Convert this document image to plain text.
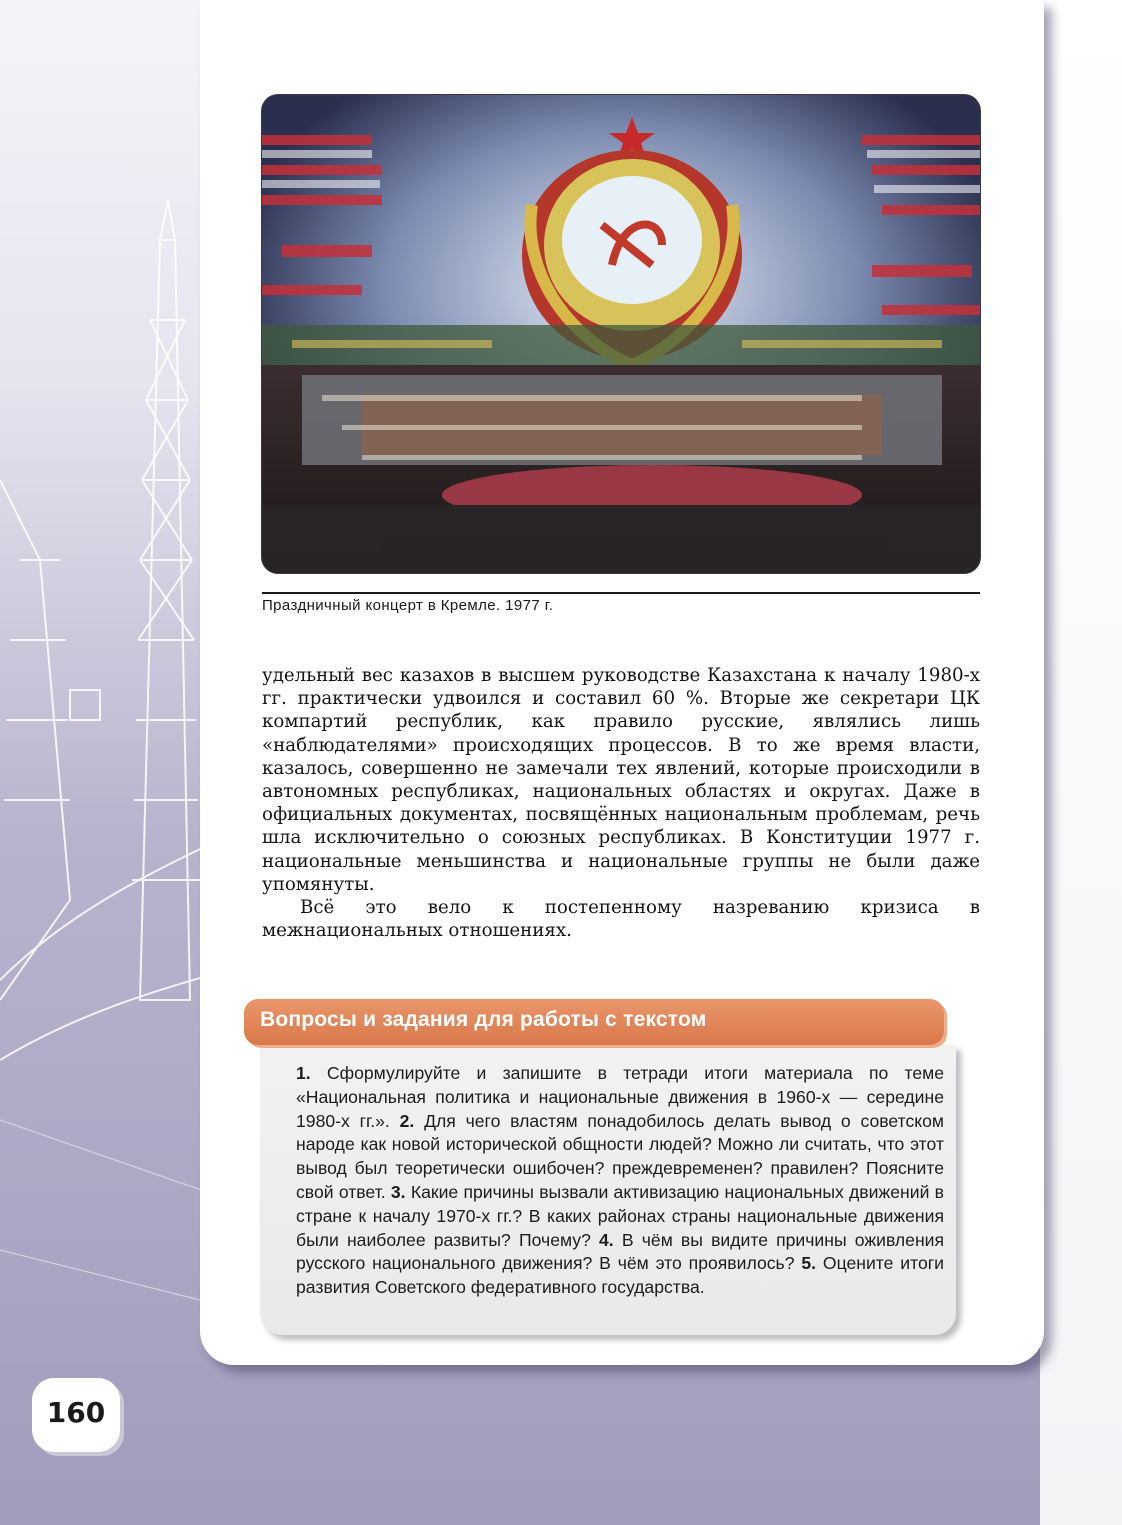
Праздничный концерт в Кремле. 1977 г.

удельный вес казахов в высшем руководстве Казахстана к началу 1980-х гг. практически удвоился и составил 60 %. Вторые же секретари ЦК компартий республик, как правило русские, являлись лишь «наблюдателями» происходящих процессов. В то же время власти, казалось, совершенно не замечали тех явлений, которые происходили в автономных республиках, национальных областях и округах. Даже в официальных документах, посвящённых национальным проблемам, речь шла исключительно о союзных республиках. В Конституции 1977 г. национальные меньшинства и национальные группы не были даже упомянуты.

Всё это вело к постепенному назреванию кризиса в межнациональных отношениях.

Вопросы и задания для работы с текстом
1. Сформулируйте и запишите в тетради итоги материала по теме «Национальная политика и национальные движения в 1960-х — середине 1980-х гг.». 2. Для чего властям понадобилось делать вывод о советском народе как новой исторической общности людей? Можно ли считать, что этот вывод был теоретически ошибочен? преждевременен? правилен? Поясните свой ответ. 3. Какие причины вызвали активизацию национальных движений в стране к началу 1970-х гг.? В каких районах страны национальные движения были наиболее развиты? Почему? 4. В чём вы видите причины оживления русского национального движения? В чём это проявилось? 5. Оцените итоги развития Советского федеративного государства.
160
